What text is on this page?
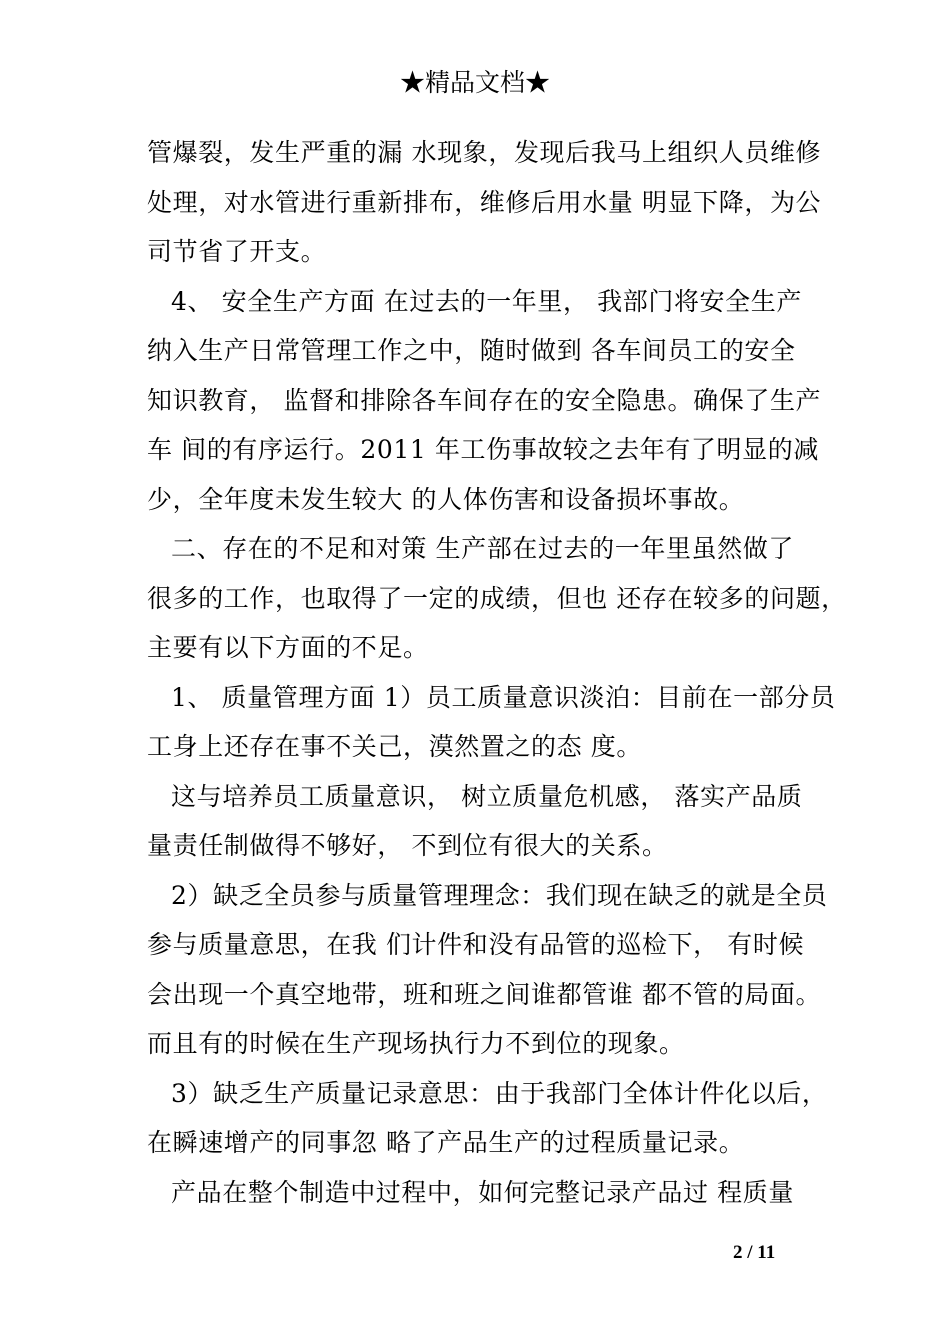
★精品文档★
管爆裂，发生严重的漏 水现象，发现后我马上组织人员维修
处理，对水管进行重新排布，维修后用水量 明显下降，为公
司节省了开支。
4、 安全生产方面 在过去的一年里， 我部门将安全生产
纳入生产日常管理工作之中，随时做到 各车间员工的安全
知识教育， 监督和排除各车间存在的安全隐患。确保了生产
车 间的有序运行。2011 年工伤事故较之去年有了明显的减
少，全年度未发生较大 的人体伤害和设备损坏事故。
二、存在的不足和对策 生产部在过去的一年里虽然做了
很多的工作，也取得了一定的成绩，但也 还存在较多的问题，
主要有以下方面的不足。
1、 质量管理方面 1）员工质量意识淡泊：目前在一部分员
工身上还存在事不关己，漠然置之的态 度。
这与培养员工质量意识， 树立质量危机感， 落实产品质
量责任制做得不够好， 不到位有很大的关系。
2）缺乏全员参与质量管理理念：我们现在缺乏的就是全员
参与质量意思，在我 们计件和没有品管的巡检下， 有时候
会出现一个真空地带，班和班之间谁都管谁 都不管的局面。
而且有的时候在生产现场执行力不到位的现象。
3）缺乏生产质量记录意思：由于我部门全体计件化以后，
在瞬速增产的同事忽 略了产品生产的过程质量记录。
产品在整个制造中过程中，如何完整记录产品过 程质量
2 / 11
